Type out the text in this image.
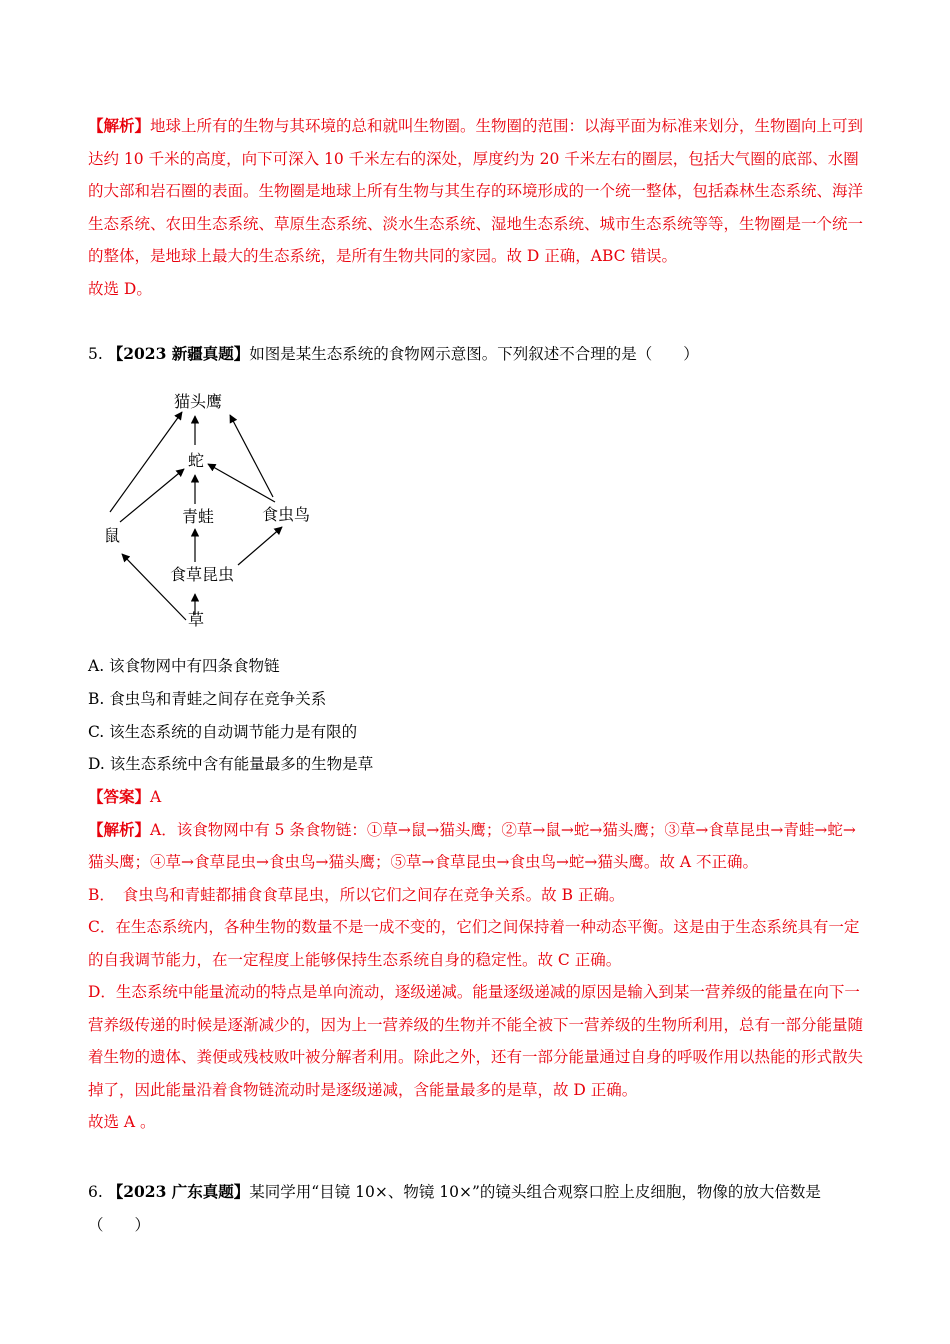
【解析】地球上所有的生物与其环境的总和就叫生物圈。生物圈的范围：以海平面为标准来划分，生物圈向上可到达约 10 千米的高度，向下可深入 10 千米左右的深处，厚度约为 20 千米左右的圈层，包括大气圈的底部、水圈的大部和岩石圈的表面。生物圈是地球上所有生物与其生存的环境形成的一个统一整体，包括森林生态系统、海洋生态系统、农田生态系统、草原生态系统、淡水生态系统、湿地生态系统、城市生态系统等等，生物圈是一个统一的整体，是地球上最大的生态系统，是所有生物共同的家园。故 D 正确，ABC 错误。

故选 D。

5. 【2023 新疆真题】如图是某生态系统的食物网示意图。下列叙述不合理的是（　　）

猫头鹰
蛇
青蛙	食虫鸟
鼠
食草昆虫
草

A. 该食物网中有四条食物链

B. 食虫鸟和青蛙之间存在竞争关系

C. 该生态系统的自动调节能力是有限的

D. 该生态系统中含有能量最多的生物是草

【答案】A

【解析】A．该食物网中有 5 条食物链：①草→鼠→猫头鹰；②草→鼠→蛇→猫头鹰；③草→食草昆虫→青蛙→蛇→猫头鹰；④草→食草昆虫→食虫鸟→猫头鹰；⑤草→食草昆虫→食虫鸟→蛇→猫头鹰。故 A 不正确。

B．　食虫鸟和青蛙都捕食食草昆虫，所以它们之间存在竞争关系。故 B 正确。

C．在生态系统内，各种生物的数量不是一成不变的，它们之间保持着一种动态平衡。这是由于生态系统具有一定的自我调节能力，在一定程度上能够保持生态系统自身的稳定性。故 C 正确。

D．生态系统中能量流动的特点是单向流动，逐级递减。能量逐级递减的原因是输入到某一营养级的能量在向下一营养级传递的时候是逐渐减少的，因为上一营养级的生物并不能全被下一营养级的生物所利用，总有一部分能量随着生物的遗体、粪便或残枝败叶被分解者利用。除此之外，还有一部分能量通过自身的呼吸作用以热能的形式散失掉了，因此能量沿着食物链流动时是逐级递减，含能量最多的是草，故 D 正确。

故选 A 。

6. 【2023 广东真题】某同学用“目镜 10×、物镜 10×”的镜头组合观察口腔上皮细胞，物像的放大倍数是（　　）
